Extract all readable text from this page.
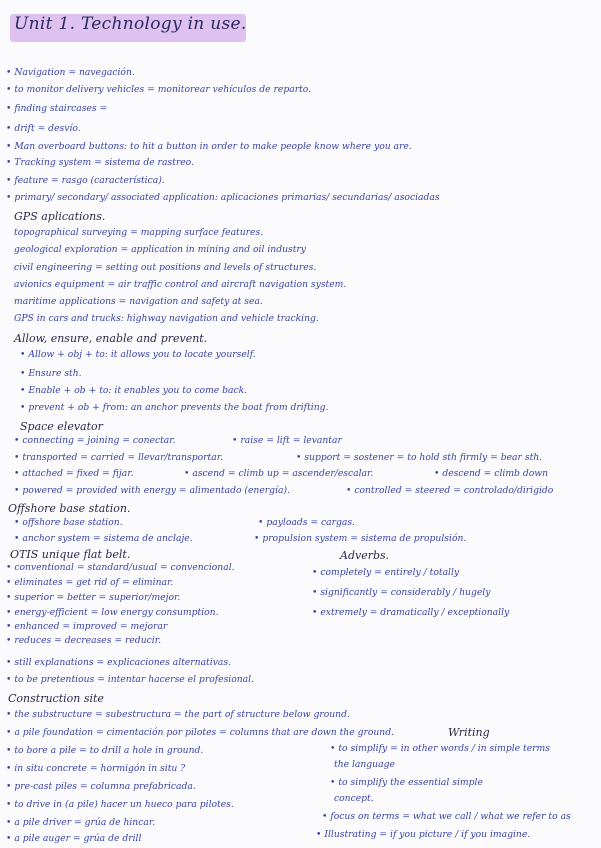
Unit 1. Technology in use.
• Navigation = navegación.
• to monitor delivery vehicles = monitorear vehículos de reparto.
• finding staircases =
• drift = desvío.
• Man overboard buttons: to hit a button in order to make people know where you are.
• Tracking system = sistema de rastreo.
• feature = rasgo (característica).
• primary/ secondary/ associated application: aplicaciones primarias/ secundarias/ asociadas
GPS aplications.
topographical surveying = mapping surface features.
geological exploration = application in mining and oil industry
civil engineering = setting out positions and levels of structures.
avionics equipment = air traffic control and aircraft navigation system.
maritime applications = navigation and safety at sea.
GPS in cars and trucks: highway navigation and vehicle tracking.
Allow, ensure, enable and prevent.
• Allow + obj + to: it allows you to locate yourself.
• Ensure sth.
• Enable + ob + to: it enables you to come back.
• prevent + ob + from: an anchor prevents the boat from drifting.
Space elevator
• connecting = joining = conectar.	• raise = lift = levantar
• transported = carried = llevar/transportar.	• support = sostener = to hold sth firmly = bear sth.
• attached = fixed = fijar.	• ascend = climb up = ascender/escalar.	• descend = climb down
• powered = provided with energy = alimentado (energía).	• controlled = steered = controlado/dirigido
Offshore base station.
• offshore base station.	• payloads = cargas.
• anchor system = sistema de anclaje.	• propulsion system = sistema de propulsión.
OTIS unique flat belt.	Adverbs.
• conventional = standard/usual = convencional.	• completely = entirely / totally
• eliminates = get rid of = eliminar.
• superior = better = superior/mejor.	• significantly = considerably / hugely
• energy-efficient = low energy consumption.
• enhanced = improved = mejorar
• extremely = dramatically / exceptionally
• reduces = decreases = reducir.
• still explanations = explicaciones alternativas.
• to be pretentious = intentar hacerse el profesional.
Construction site
• the substructure = subestructura = the part of structure below ground.
• a pile foundation = cimentación por pilotes = columns that are down the ground.
• to bore a pile = to drill a hole in ground.
• in situ concrete = hormigón in situ ?
• pre-cast piles = columna prefabricada.
• to drive in (a pile) hacer un hueco para pilotes.
• a pile driver = grúa de hincar.
• a pile auger = grúa de drill
Writing
• to simplify = in other words / in simple terms
the language
• to simplify the essential simple
concept.
• focus on terms = what we call / what we refer to as
• Illustrating = if you picture / if you imagine.
